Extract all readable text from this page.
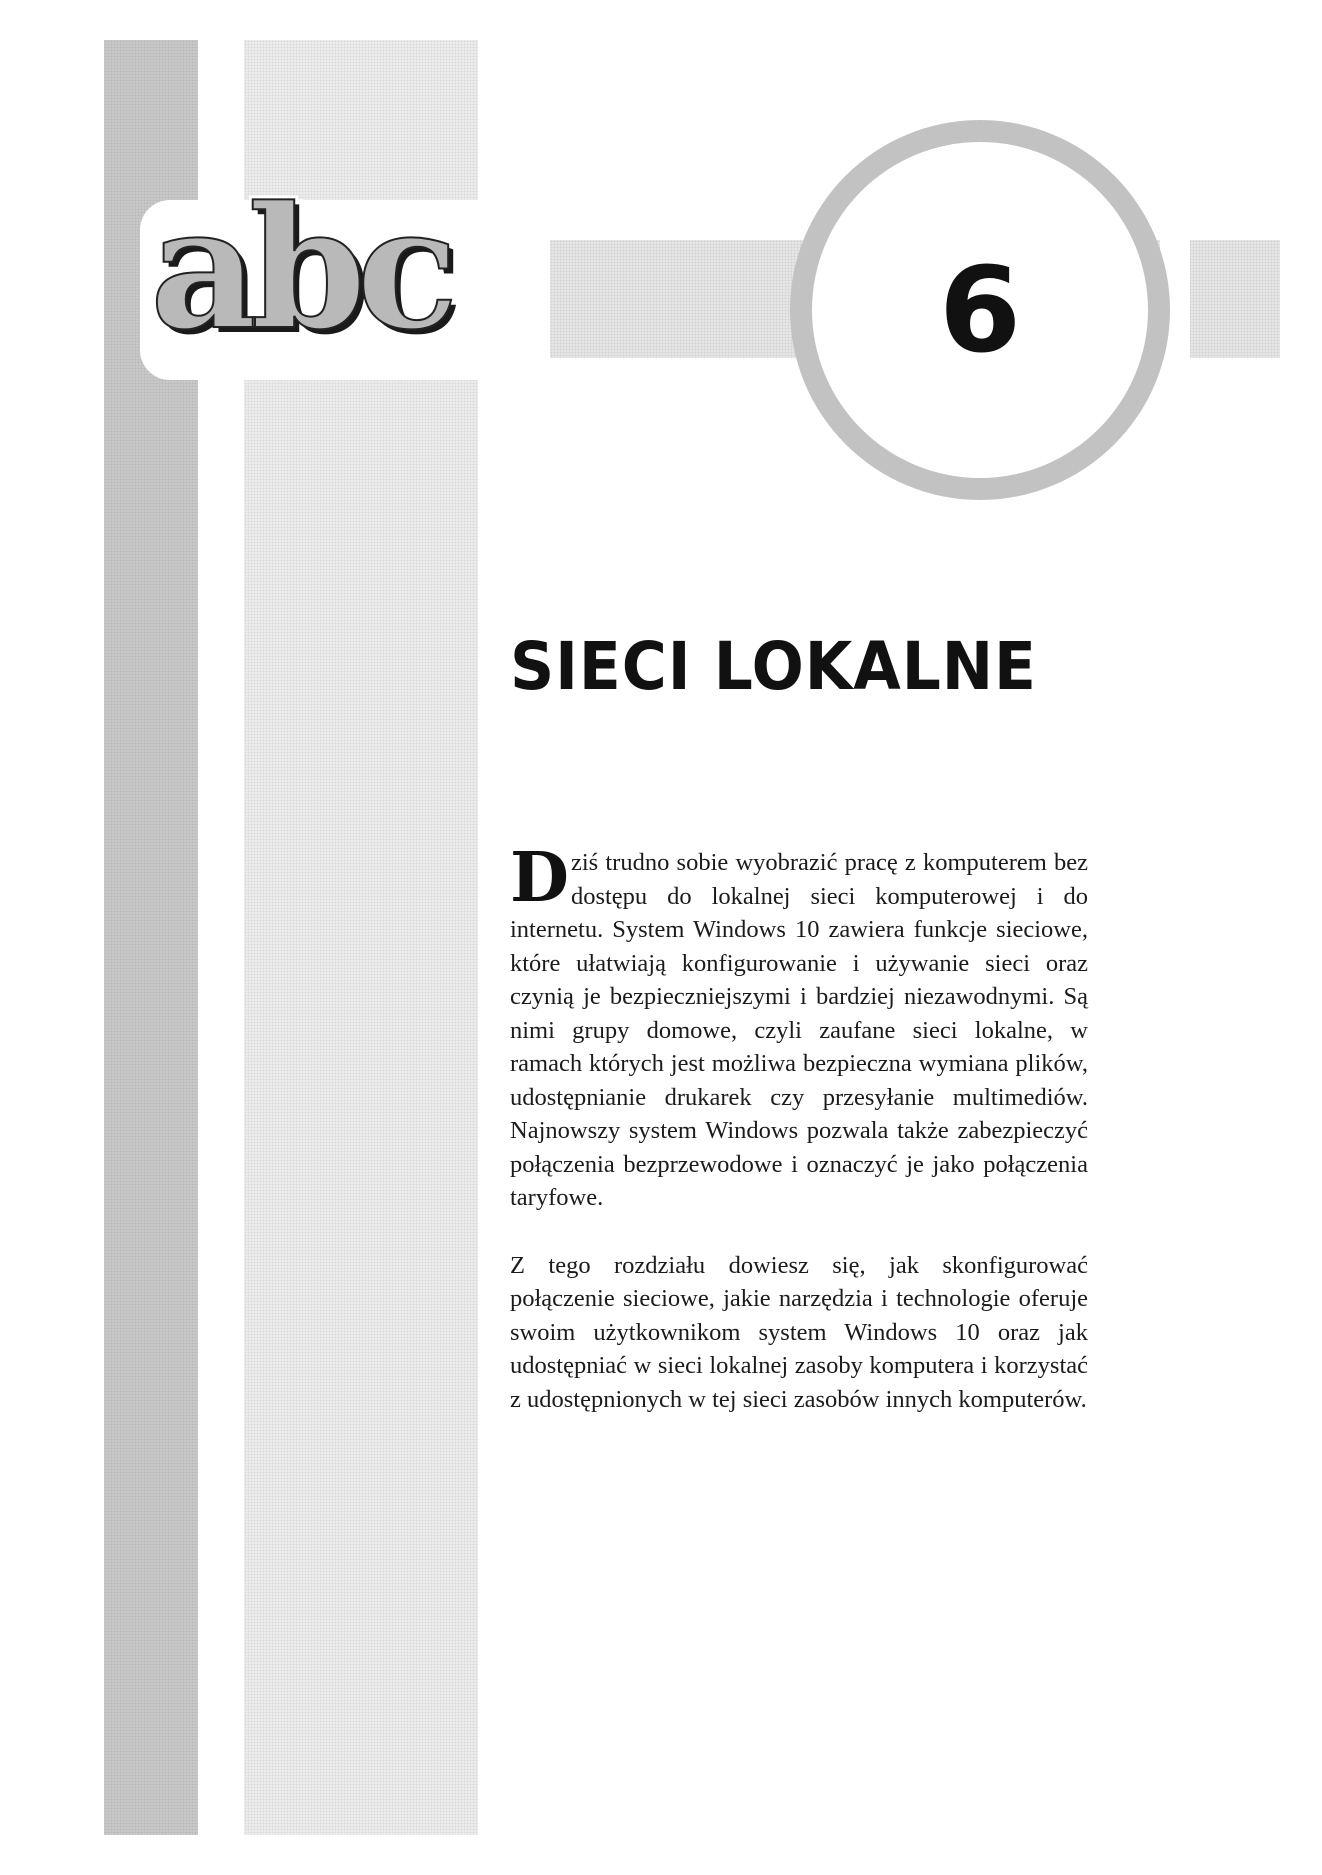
abc	6
SIECI LOKALNE

Dziś trudno sobie wyobrazić pracę z komputerem bez dostępu do lokalnej sieci komputerowej i do internetu. System Windows 10 zawiera funkcje sieciowe, które ułatwiają konfigurowanie i używanie sieci oraz czynią je bezpieczniejszymi i bardziej niezawodnymi. Są nimi grupy domowe, czyli zaufane sieci lokalne, w ramach których jest możliwa bezpieczna wymiana plików, udostępnianie drukarek czy przesyłanie multimediów. Najnowszy system Windows pozwala także zabezpieczyć połączenia bezprzewodowe i oznaczyć je jako połączenia taryfowe.

Z tego rozdziału dowiesz się, jak skonfigurować połączenie sieciowe, jakie narzędzia i technologie oferuje swoim użytkownikom system Windows 10 oraz jak udostępniać w sieci lokalnej zasoby komputera i korzystać z udostępnionych w tej sieci zasobów innych komputerów.
